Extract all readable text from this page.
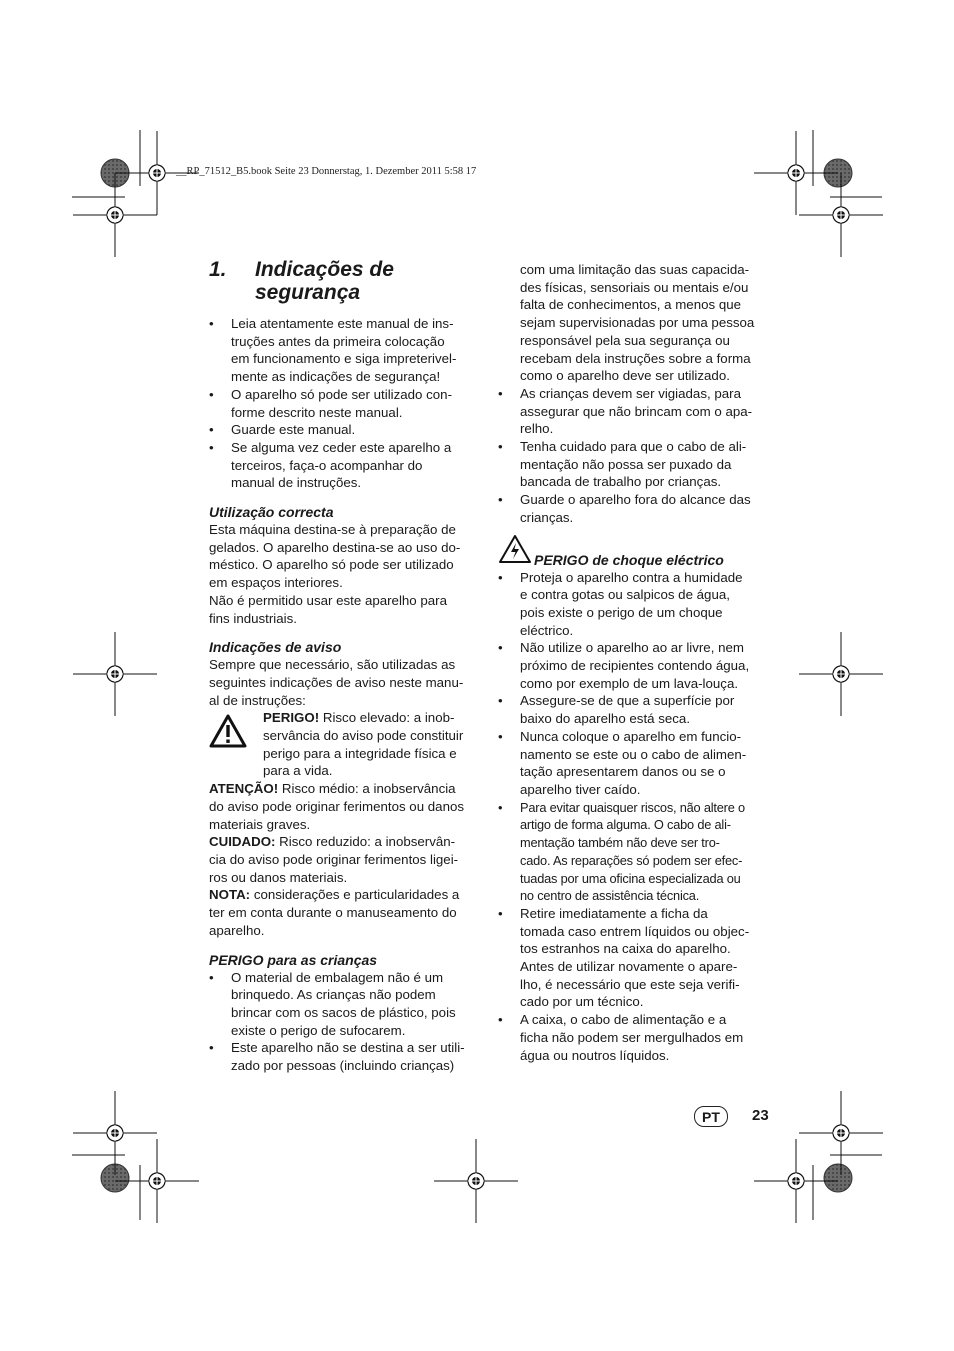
__RP_71512_B5.book Seite 23 Donnerstag, 1. Dezember 2011 5:58 17
1. Indicações de
segurança
• Leia atentamente este manual de ins-
truções antes da primeira colocação
em funcionamento e siga impreterivel-
mente as indicações de segurança!
• O aparelho só pode ser utilizado con-
forme descrito neste manual.
• Guarde este manual.
• Se alguma vez ceder este aparelho a
terceiros, faça-o acompanhar do
manual de instruções.
Utilização correcta

Esta máquina destina-se à preparação de
gelados. O aparelho destina-se ao uso do-
méstico. O aparelho só pode ser utilizado
em espaços interiores.

Não é permitido usar este aparelho para
fins industriais.

Indicações de aviso

Sempre que necessário, são utilizadas as
seguintes indicações de aviso neste manu-
al de instruções:

PERIGO! Risco elevado: a inob-
servância do aviso pode constituir
perigo para a integridade física e
para a vida.

ATENÇÃO! Risco médio: a inobservância
do aviso pode originar ferimentos ou danos
materiais graves.

CUIDADO: Risco reduzido: a inobservân-
cia do aviso pode originar ferimentos ligei-
ros ou danos materiais.

NOTA: considerações e particularidades a
ter em conta durante o manuseamento do
aparelho.

PERIGO para as crianças
• O material de embalagem não é um
brinquedo. As crianças não podem
brincar com os sacos de plástico, pois
existe o perigo de sufocarem.
• Este aparelho não se destina a ser utili-
zado por pessoas (incluindo crianças)

com uma limitação das suas capacida-
des físicas, sensoriais ou mentais e/ou
falta de conhecimentos, a menos que
sejam supervisionadas por uma pessoa
responsável pela sua segurança ou
recebam dela instruções sobre a forma
como o aparelho deve ser utilizado.

• As crianças devem ser vigiadas, para
assegurar que não brincam com o apa-
relho.
• Tenha cuidado para que o cabo de ali-
mentação não possa ser puxado da
bancada de trabalho por crianças.
• Guarde o aparelho fora do alcance das
crianças.
PERIGO de choque eléctrico
• Proteja o aparelho contra a humidade
e contra gotas ou salpicos de água,
pois existe o perigo de um choque
eléctrico.
• Não utilize o aparelho ao ar livre, nem
próximo de recipientes contendo água,
como por exemplo de um lava-louça.
• Assegure-se de que a superfície por
baixo do aparelho está seca.
• Nunca coloque o aparelho em funcio-
namento se este ou o cabo de alimen-
tação apresentarem danos ou se o
aparelho tiver caído.
• Para evitar quaisquer riscos, não altere o
artigo de forma alguma. O cabo de ali-
mentação também não deve ser tro-
cado. As reparações só podem ser efec-
tuadas por uma oficina especializada ou
no centro de assistência técnica.
• Retire imediatamente a ficha da
tomada caso entrem líquidos ou objec-
tos estranhos na caixa do aparelho.
Antes de utilizar novamente o apare-
lho, é necessário que este seja verifi-
cado por um técnico.
• A caixa, o cabo de alimentação e a
ficha não podem ser mergulhados em
água ou noutros líquidos.
PT	23
